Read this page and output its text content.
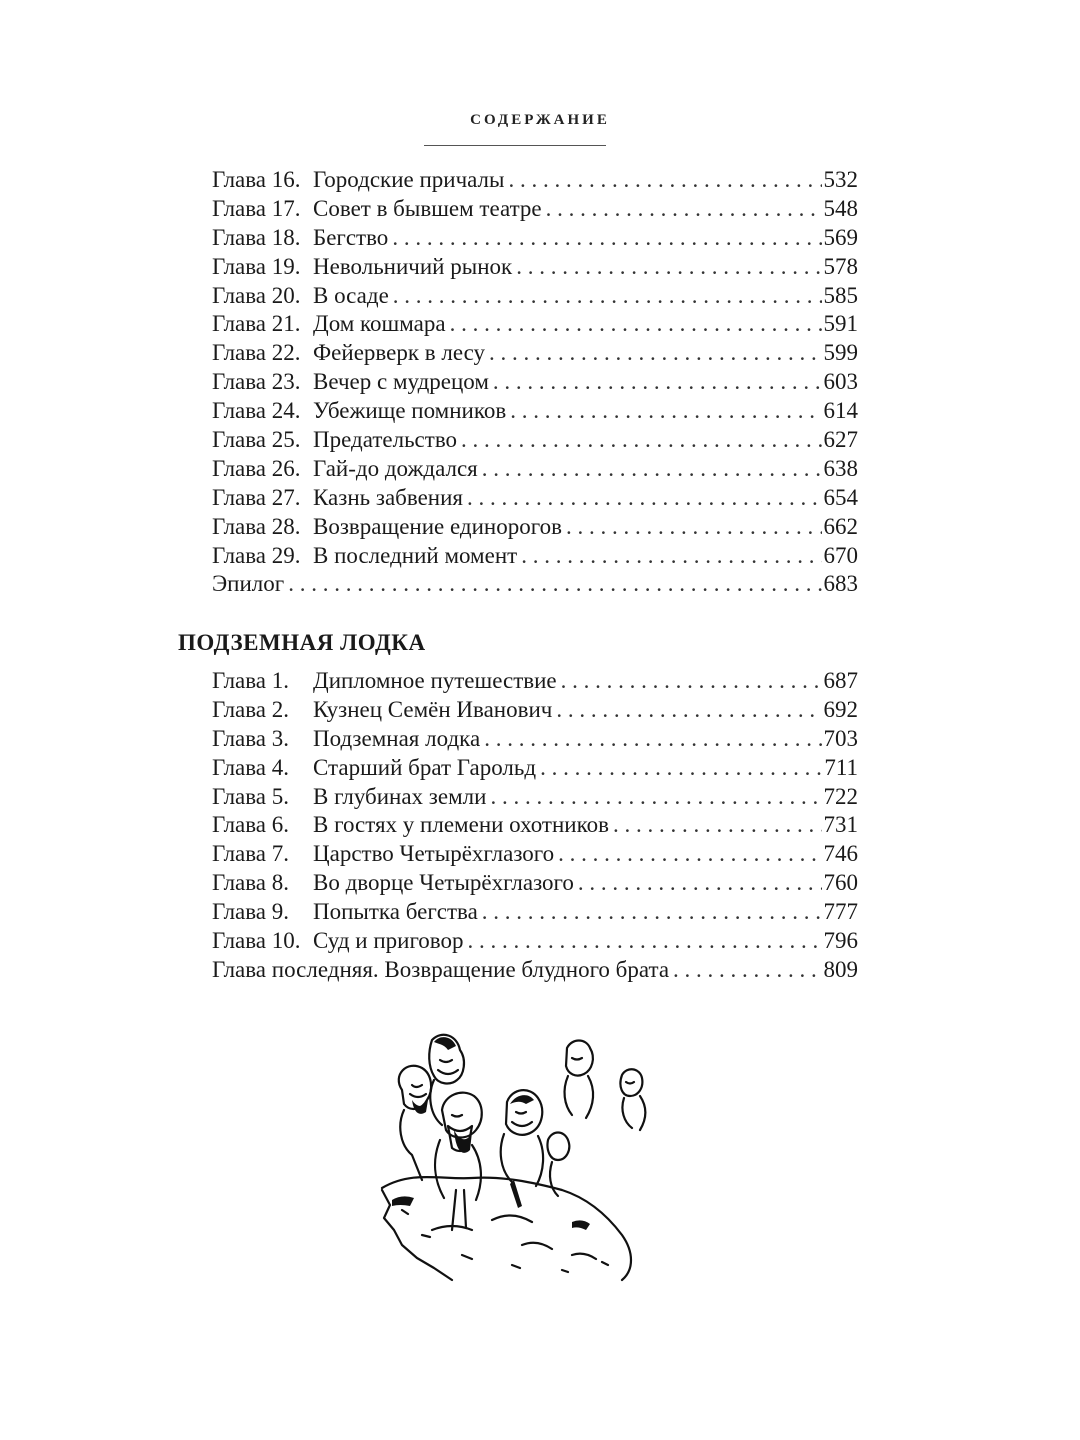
СОДЕРЖАНИЕ
Глава 16. Городские причалы . . .	532
Глава 17. Совет в бывшем театре . . .	548
Глава 18. Бегство . . .	569
Глава 19. Невольничий рынок . . .	578
Глава 20. В осаде . . .	585
Глава 21. Дом кошмара . . .	591
Глава 22. Фейерверк в лесу . . .	599
Глава 23. Вечер с мудрецом . . .	603
Глава 24. Убежище помников . . .	614
Глава 25. Предательство . . .	627
Глава 26. Гай-до дождался . . .	638
Глава 27. Казнь забвения . . .	654
Глава 28. Возвращение единорогов . . .	662
Глава 29. В последний момент . . .	670
Эпилог . . .	683
ПОДЗЕМНАЯ ЛОДКА
Глава 1. Дипломное путешествие . . .	687
Глава 2. Кузнец Семён Иванович . . .	692
Глава 3. Подземная лодка . . .	703
Глава 4. Старший брат Гарольд . . .	711
Глава 5. В глубинах земли . . .	722
Глава 6. В гостях у племени охотников . . .	731
Глава 7. Царство Четырёхглазого . . .	746
Глава 8. Во дворце Четырёхглазого . . .	760
Глава 9. Попытка бегства . . .	777
Глава 10. Суд и приговор . . .	796
Глава последняя. Возвращение блудного брата . . .	809
